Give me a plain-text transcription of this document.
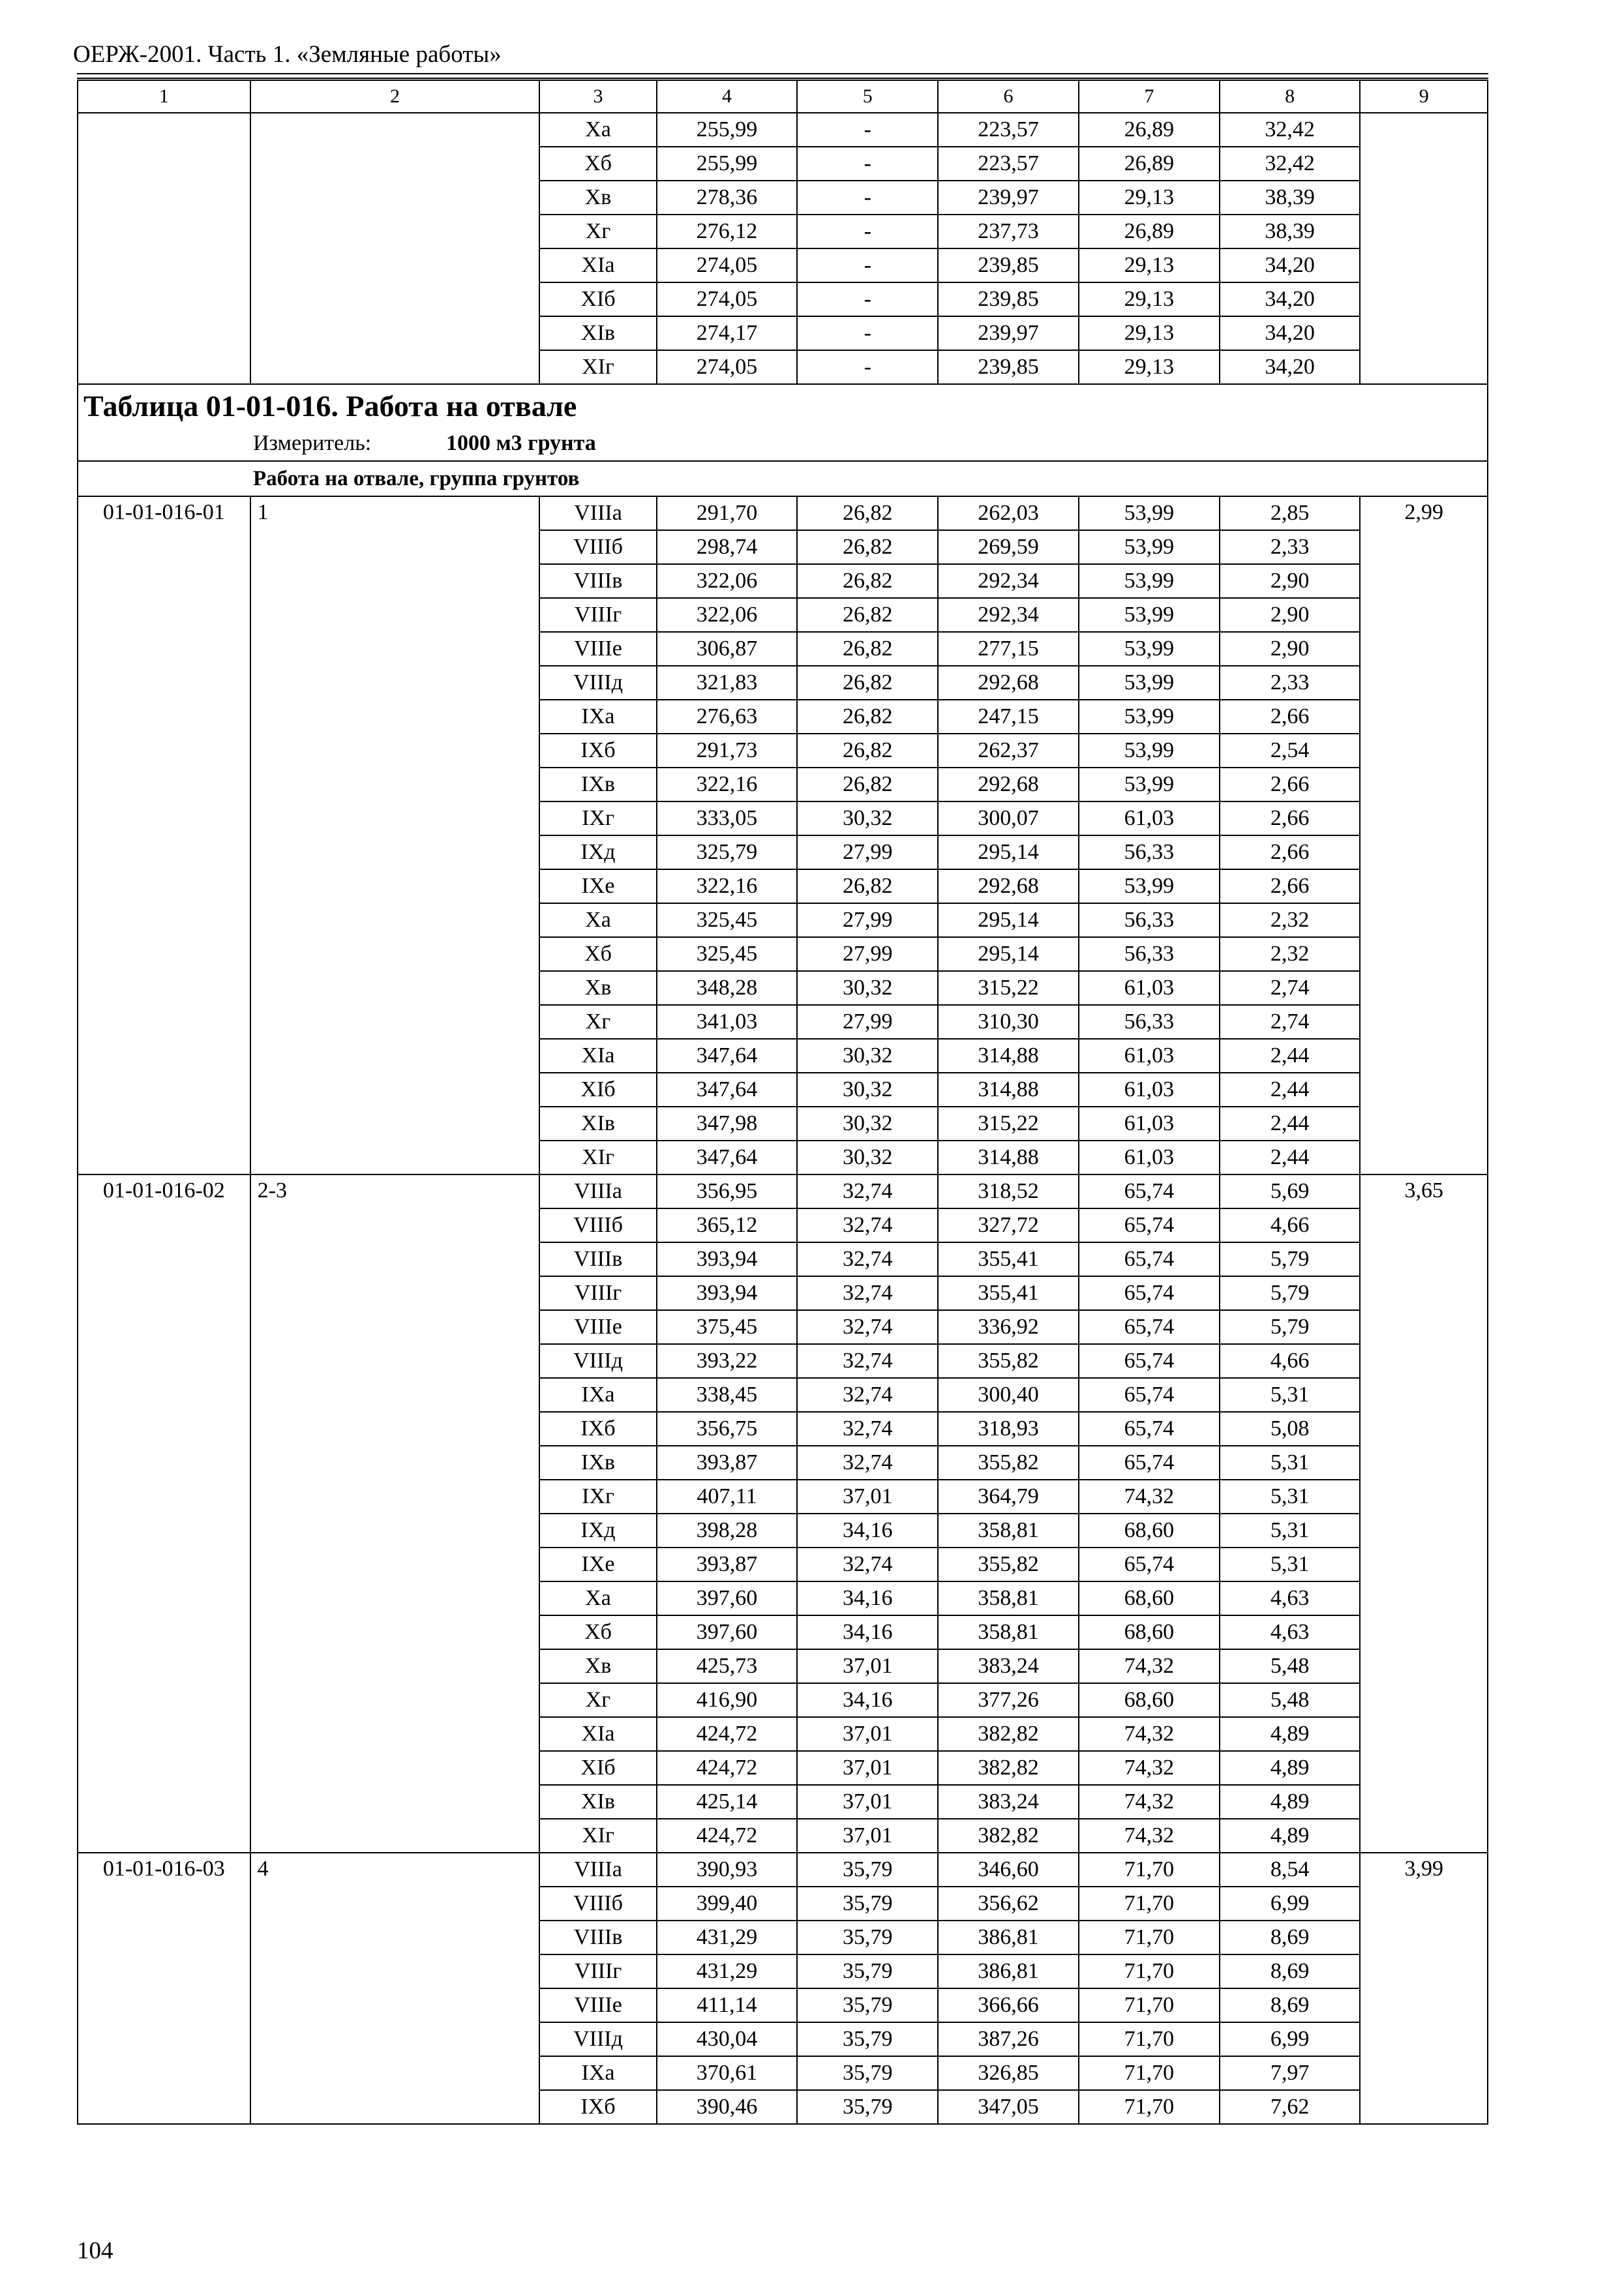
ОЕРЖ-2001. Часть 1. «Земляные работы»
1	2	3	4	5	6	7	8	9
		Xа	255,99	-	223,57	26,89	32,42	
		Xб	255,99	-	223,57	26,89	32,42	
		Xв	278,36	-	239,97	29,13	38,39	
		Xг	276,12	-	237,73	26,89	38,39	
		XIа	274,05	-	239,85	29,13	34,20	
		XIб	274,05	-	239,85	29,13	34,20	
		XIв	274,17	-	239,97	29,13	34,20	
		XIг	274,05	-	239,85	29,13	34,20	
Таблица 01-01-016. Работа на отвале								
Измеритель: 1000 м3 грунта								
Работа на отвале, группа грунтов								
01-01-016-01	1	VIIIа	291,70	26,82	262,03	53,99	2,85	2,99
		VIIIб	298,74	26,82	269,59	53,99	2,33	
		VIIIв	322,06	26,82	292,34	53,99	2,90	
		VIIIг	322,06	26,82	292,34	53,99	2,90	
		VIIIе	306,87	26,82	277,15	53,99	2,90	
		VIIIд	321,83	26,82	292,68	53,99	2,33	
		IXа	276,63	26,82	247,15	53,99	2,66	
		IXб	291,73	26,82	262,37	53,99	2,54	
		IXв	322,16	26,82	292,68	53,99	2,66	
		IXг	333,05	30,32	300,07	61,03	2,66	
		IXд	325,79	27,99	295,14	56,33	2,66	
		IXе	322,16	26,82	292,68	53,99	2,66	
		Xа	325,45	27,99	295,14	56,33	2,32	
		Xб	325,45	27,99	295,14	56,33	2,32	
		Xв	348,28	30,32	315,22	61,03	2,74	
		Xг	341,03	27,99	310,30	56,33	2,74	
		XIа	347,64	30,32	314,88	61,03	2,44	
		XIб	347,64	30,32	314,88	61,03	2,44	
		XIв	347,98	30,32	315,22	61,03	2,44	
		XIг	347,64	30,32	314,88	61,03	2,44	
01-01-016-02	2-3	VIIIа	356,95	32,74	318,52	65,74	5,69	3,65
		VIIIб	365,12	32,74	327,72	65,74	4,66	
		VIIIв	393,94	32,74	355,41	65,74	5,79	
		VIIIг	393,94	32,74	355,41	65,74	5,79	
		VIIIе	375,45	32,74	336,92	65,74	5,79	
		VIIIд	393,22	32,74	355,82	65,74	4,66	
		IXа	338,45	32,74	300,40	65,74	5,31	
		IXб	356,75	32,74	318,93	65,74	5,08	
		IXв	393,87	32,74	355,82	65,74	5,31	
		IXг	407,11	37,01	364,79	74,32	5,31	
		IXд	398,28	34,16	358,81	68,60	5,31	
		IXе	393,87	32,74	355,82	65,74	5,31	
		Xа	397,60	34,16	358,81	68,60	4,63	
		Xб	397,60	34,16	358,81	68,60	4,63	
		Xв	425,73	37,01	383,24	74,32	5,48	
		Xг	416,90	34,16	377,26	68,60	5,48	
		XIа	424,72	37,01	382,82	74,32	4,89	
		XIб	424,72	37,01	382,82	74,32	4,89	
		XIв	425,14	37,01	383,24	74,32	4,89	
		XIг	424,72	37,01	382,82	74,32	4,89	
01-01-016-03	4	VIIIа	390,93	35,79	346,60	71,70	8,54	3,99
		VIIIб	399,40	35,79	356,62	71,70	6,99	
		VIIIв	431,29	35,79	386,81	71,70	8,69	
		VIIIг	431,29	35,79	386,81	71,70	8,69	
		VIIIе	411,14	35,79	366,66	71,70	8,69	
		VIIIд	430,04	35,79	387,26	71,70	6,99	
		IXа	370,61	35,79	326,85	71,70	7,97	
		IXб	390,46	35,79	347,05	71,70	7,62	
104
